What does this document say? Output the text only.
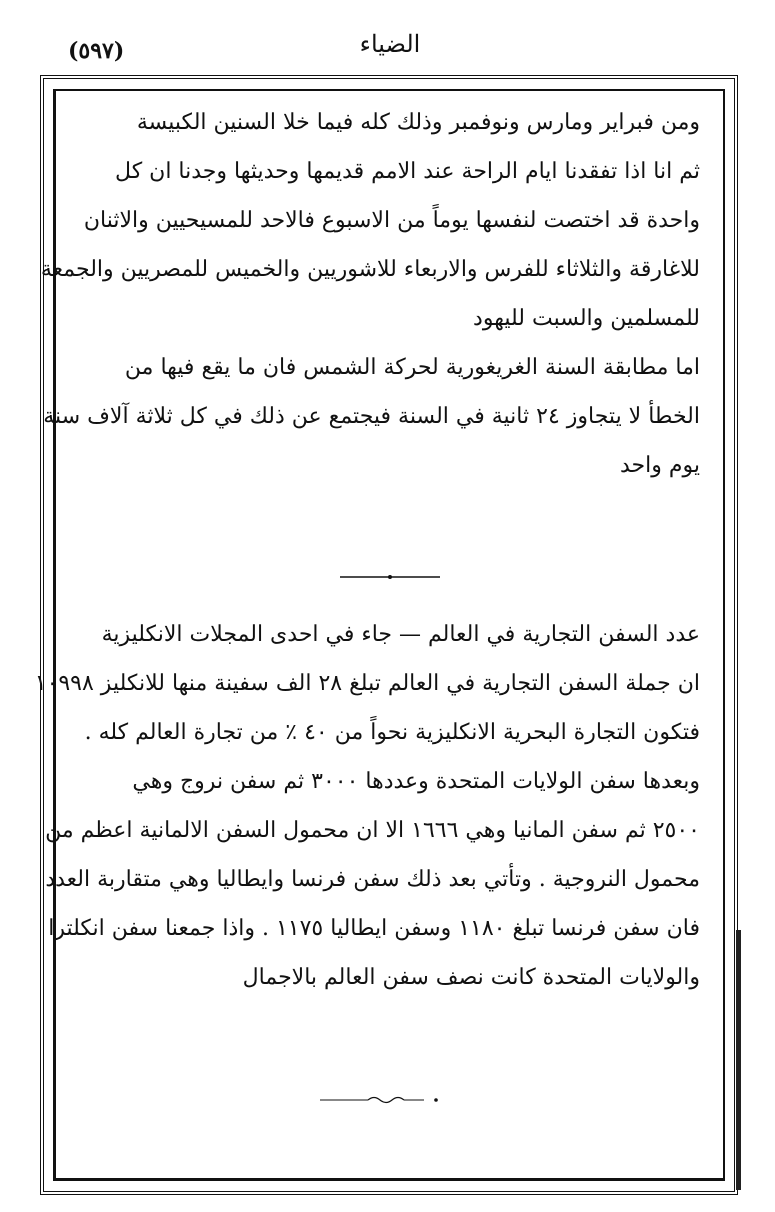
(٥٩٧)	الضياء
ومن فبراير ومارس ونوفمبر وذلك كله فيما خلا السنين الكبيسة
ثم انا اذا تفقدنا ايام الراحة عند الامم قديمها وحديثها وجدنا ان كل
واحدة قد اختصت لنفسها يوماً من الاسبوع فالاحد للمسيحيين والاثنان
للاغارقة والثلاثاء للفرس والاربعاء للاشوريين والخميس للمصريين والجمعة
للمسلمين والسبت لليهود
اما مطابقة السنة الغريغورية لحركة الشمس فان ما يقع فيها من
الخطأ لا يتجاوز ٢٤ ثانية في السنة فيجتمع عن ذلك في كل ثلاثة آلاف سنة
يوم واحد
عدد السفن التجارية في العالم — جاء في احدى المجلات الانكليزية
ان جملة السفن التجارية في العالم تبلغ ٢٨ الف سفينة منها للانكليز ١٠٩٩٨
فتكون التجارة البحرية الانكليزية نحواً من ٤٠ ٪ من تجارة العالم كله .
وبعدها سفن الولايات المتحدة وعددها ٣٠٠٠ ثم سفن نروج وهي
٢٥٠٠ ثم سفن المانيا وهي ١٦٦٦ الا ان محمول السفن الالمانية اعظم من
محمول النروجية . وتأتي بعد ذلك سفن فرنسا وايطاليا وهي متقاربة العدد
فان سفن فرنسا تبلغ ١١٨٠ وسفن ايطاليا ١١٧٥ . واذا جمعنا سفن انكلترا
والولايات المتحدة كانت نصف سفن العالم بالاجمال
